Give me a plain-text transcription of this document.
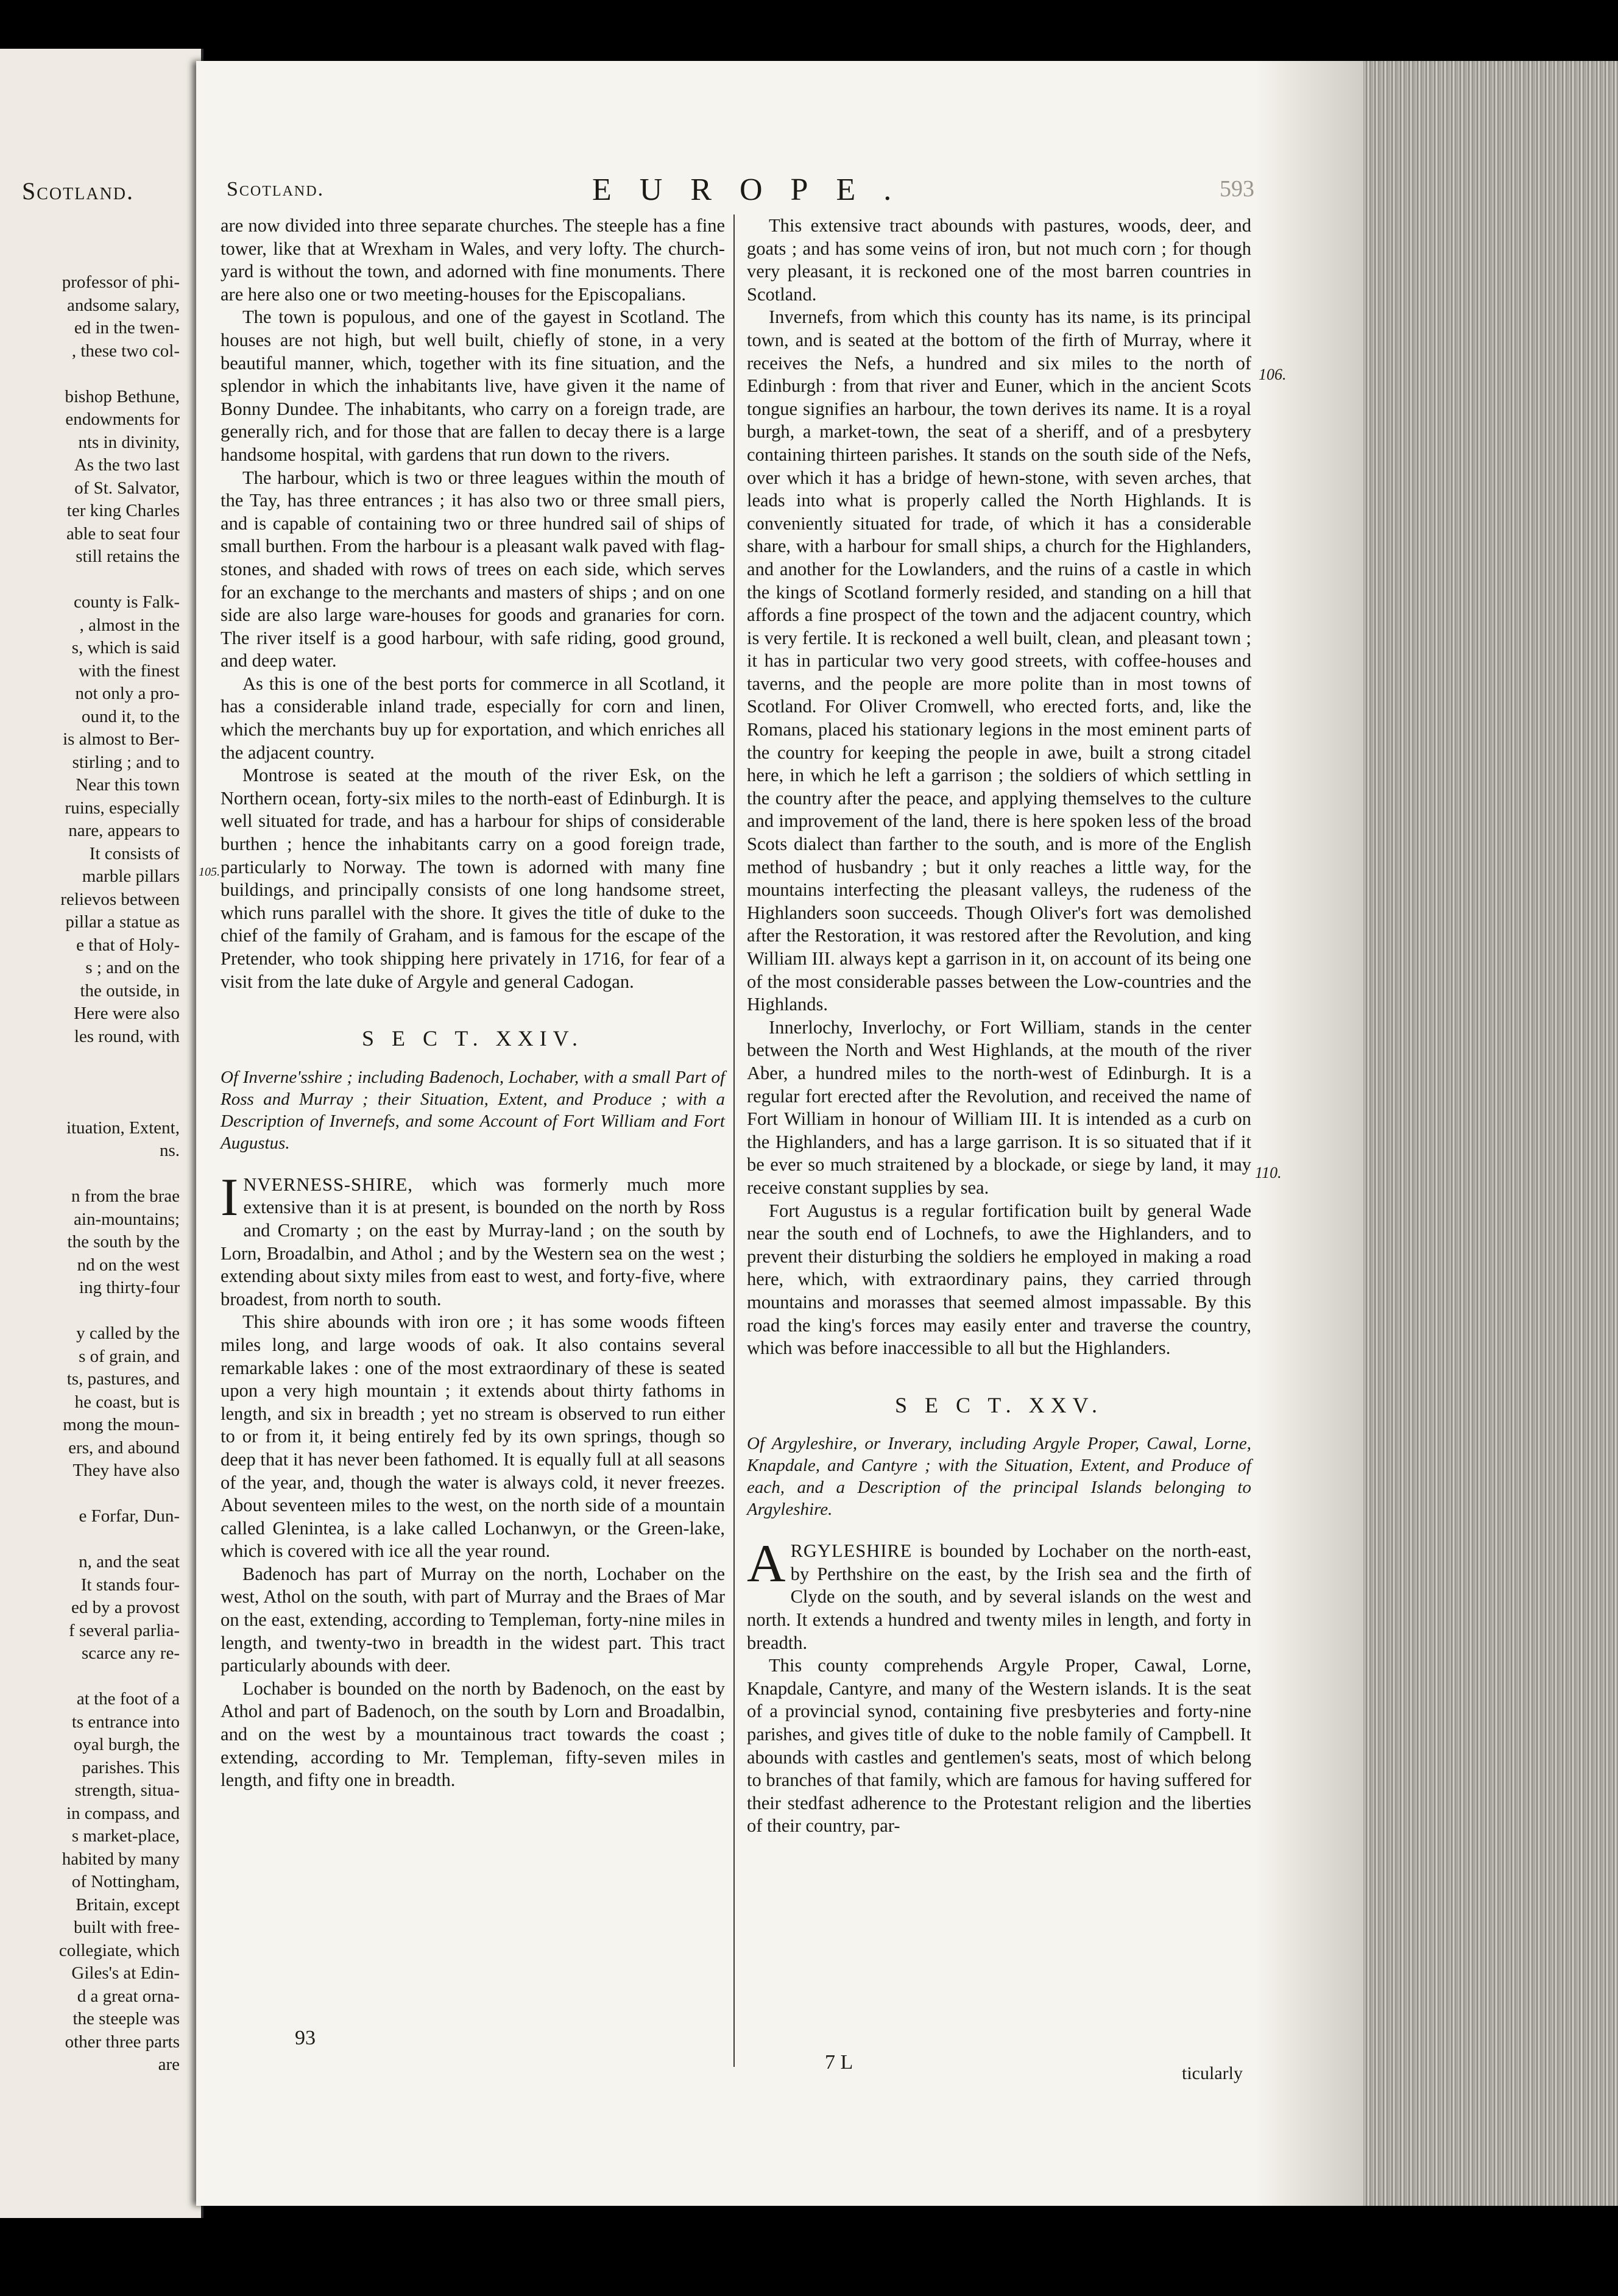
Scotland.
professor of phi-
andsome salary,
ed in the twen-
, these two col-
bishop Bethune,
endowments for
nts in divinity,
As the two last
of St. Salvator,
ter king Charles
able to seat four
still retains the
county is Falk-
, almost in the
s, which is said
with the finest
not only a pro-
ound it, to the
is almost to Ber-
stirling ; and to
Near this town
ruins, especially
nare, appears to
It consists of
marble pillars
relievos between
pillar a statue as
e that of Holy-
s ; and on the
the outside, in
Here were also
les round, with
ituation, Extent,
ns.
n from the brae
ain-mountains;
the south by the
nd on the west
ing thirty-four
y called by the
s of grain, and
ts, pastures, and
he coast, but is
mong the moun-
ers, and abound
They have also
e Forfar, Dun-
n, and the seat
It stands four-
ed by a provost
f several parlia-
scarce any re-
at the foot of a
ts entrance into
oyal burgh, the
parishes. This
strength, situa-
in compass, and
s market-place,
habited by many
of Nottingham,
Britain, except
built with free-
collegiate, which
Giles's at Edin-
d a great orna-
the steeple was
other three parts
are
Scotland.	EUROPE.	593

are now divided into three separate churches. The steeple has a fine tower, like that at Wrexham in Wales, and very lofty. The church-yard is without the town, and adorned with fine monuments. There are here also one or two meeting-houses for the Episcopalians.

The town is populous, and one of the gayest in Scotland. The houses are not high, but well built, chiefly of stone, in a very beautiful manner, which, together with its fine situation, and the splendor in which the inhabitants live, have given it the name of Bonny Dundee. The inhabitants, who carry on a foreign trade, are generally rich, and for those that are fallen to decay there is a large handsome hospital, with gardens that run down to the rivers.

The harbour, which is two or three leagues within the mouth of the Tay, has three entrances ; it has also two or three small piers, and is capable of containing two or three hundred sail of ships of small burthen. From the harbour is a pleasant walk paved with flag-stones, and shaded with rows of trees on each side, which serves for an exchange to the merchants and masters of ships ; and on one side are also large ware-houses for goods and granaries for corn. The river itself is a good harbour, with safe riding, good ground, and deep water.

As this is one of the best ports for commerce in all Scotland, it has a considerable inland trade, especially for corn and linen, which the merchants buy up for exportation, and which enriches all the adjacent country.

Montrose is seated at the mouth of the river Esk, on the Northern ocean, forty-six miles to the north-east of Edinburgh. It is well situated for trade, and has a harbour for ships of considerable burthen ; hence the inhabitants carry on a good foreign trade, particularly to Norway. The town is adorned with many fine buildings, and principally consists of one long handsome street, which runs parallel with the shore. It gives the title of duke to the chief of the family of Graham, and is famous for the escape of the Pretender, who took shipping here privately in 1716, for fear of a visit from the late duke of Argyle and general Cadogan.

S E C T. XXIV.
Of Inverne'sshire ; including Badenoch, Lochaber, with a small Part of Ross and Murray ; their Situation, Extent, and Produce ; with a Description of Invernefs, and some Account of Fort William and Fort Augustus.

INVERNESS-SHIRE, which was formerly much more extensive than it is at present, is bounded on the north by Ross and Cromarty ; on the east by Murray-land ; on the south by Lorn, Broadalbin, and Athol ; and by the Western sea on the west ; extending about sixty miles from east to west, and forty-five, where broadest, from north to south.

This shire abounds with iron ore ; it has some woods fifteen miles long, and large woods of oak. It also contains several remarkable lakes : one of the most extraordinary of these is seated upon a very high mountain ; it extends about thirty fathoms in length, and six in breadth ; yet no stream is observed to run either to or from it, it being entirely fed by its own springs, though so deep that it has never been fathomed. It is equally full at all seasons of the year, and, though the water is always cold, it never freezes. About seventeen miles to the west, on the north side of a mountain called Glenintea, is a lake called Lochanwyn, or the Green-lake, which is covered with ice all the year round.

Badenoch has part of Murray on the north, Lochaber on the west, Athol on the south, with part of Murray and the Braes of Mar on the east, extending, according to Templeman, forty-nine miles in length, and twenty-two in breadth in the widest part. This tract particularly abounds with deer.

Lochaber is bounded on the north by Badenoch, on the east by Athol and part of Badenoch, on the south by Lorn and Broadalbin, and on the west by a mountainous tract towards the coast ; extending, according to Mr. Templeman, fifty-seven miles in length, and fifty one in breadth.

This extensive tract abounds with pastures, woods, deer, and goats ; and has some veins of iron, but not much corn ; for though very pleasant, it is reckoned one of the most barren countries in Scotland.

Invernefs, from which this county has its name, is its principal town, and is seated at the bottom of the firth of Murray, where it receives the Nefs, a hundred and six miles to the north of Edinburgh : from that river and Euner, which in the ancient Scots tongue signifies an harbour, the town derives its name. It is a royal burgh, a market-town, the seat of a sheriff, and of a presbytery containing thirteen parishes. It stands on the south side of the Nefs, over which it has a bridge of hewn-stone, with seven arches, that leads into what is properly called the North Highlands. It is conveniently situated for trade, of which it has a considerable share, with a harbour for small ships, a church for the Highlanders, and another for the Lowlanders, and the ruins of a castle in which the kings of Scotland formerly resided, and standing on a hill that affords a fine prospect of the town and the adjacent country, which is very fertile. It is reckoned a well built, clean, and pleasant town ; it has in particular two very good streets, with coffee-houses and taverns, and the people are more polite than in most towns of Scotland. For Oliver Cromwell, who erected forts, and, like the Romans, placed his stationary legions in the most eminent parts of the country for keeping the people in awe, built a strong citadel here, in which he left a garrison ; the soldiers of which settling in the country after the peace, and applying themselves to the culture and improvement of the land, there is here spoken less of the broad Scots dialect than farther to the south, and is more of the English method of husbandry ; but it only reaches a little way, for the mountains interfecting the pleasant valleys, the rudeness of the Highlanders soon succeeds. Though Oliver's fort was demolished after the Restoration, it was restored after the Revolution, and king William III. always kept a garrison in it, on account of its being one of the most considerable passes between the Low-countries and the Highlands.

Innerlochy, Inverlochy, or Fort William, stands in the center between the North and West Highlands, at the mouth of the river Aber, a hundred miles to the north-west of Edinburgh. It is a regular fort erected after the Revolution, and received the name of Fort William in honour of William III. It is intended as a curb on the Highlanders, and has a large garrison. It is so situated that if it be ever so much straitened by a blockade, or siege by land, it may receive constant supplies by sea.

Fort Augustus is a regular fortification built by general Wade near the south end of Lochnefs, to awe the Highlanders, and to prevent their disturbing the soldiers he employed in making a road here, which, with extraordinary pains, they carried through mountains and morasses that seemed almost impassable. By this road the king's forces may easily enter and traverse the country, which was before inaccessible to all but the Highlanders.

S E C T. XXV.
Of Argyleshire, or Inverary, including Argyle Proper, Cawal, Lorne, Knapdale, and Cantyre ; with the Situation, Extent, and Produce of each, and a Description of the principal Islands belonging to Argyleshire.

ARGYLESHIRE is bounded by Lochaber on the north-east, by Perthshire on the east, by the Irish sea and the firth of Clyde on the south, and by several islands on the west and north. It extends a hundred and twenty miles in length, and forty in breadth.

This county comprehends Argyle Proper, Cawal, Lorne, Knapdale, Cantyre, and many of the Western islands. It is the seat of a provincial synod, containing five presbyteries and forty-nine parishes, and gives title of duke to the noble family of Campbell. It abounds with castles and gentlemen's seats, most of which belong to branches of that family, which are famous for having suffered for their stedfast adherence to the Protestant religion and the liberties of their country, par-

93
7 L	ticularly
106.
110.
105.
